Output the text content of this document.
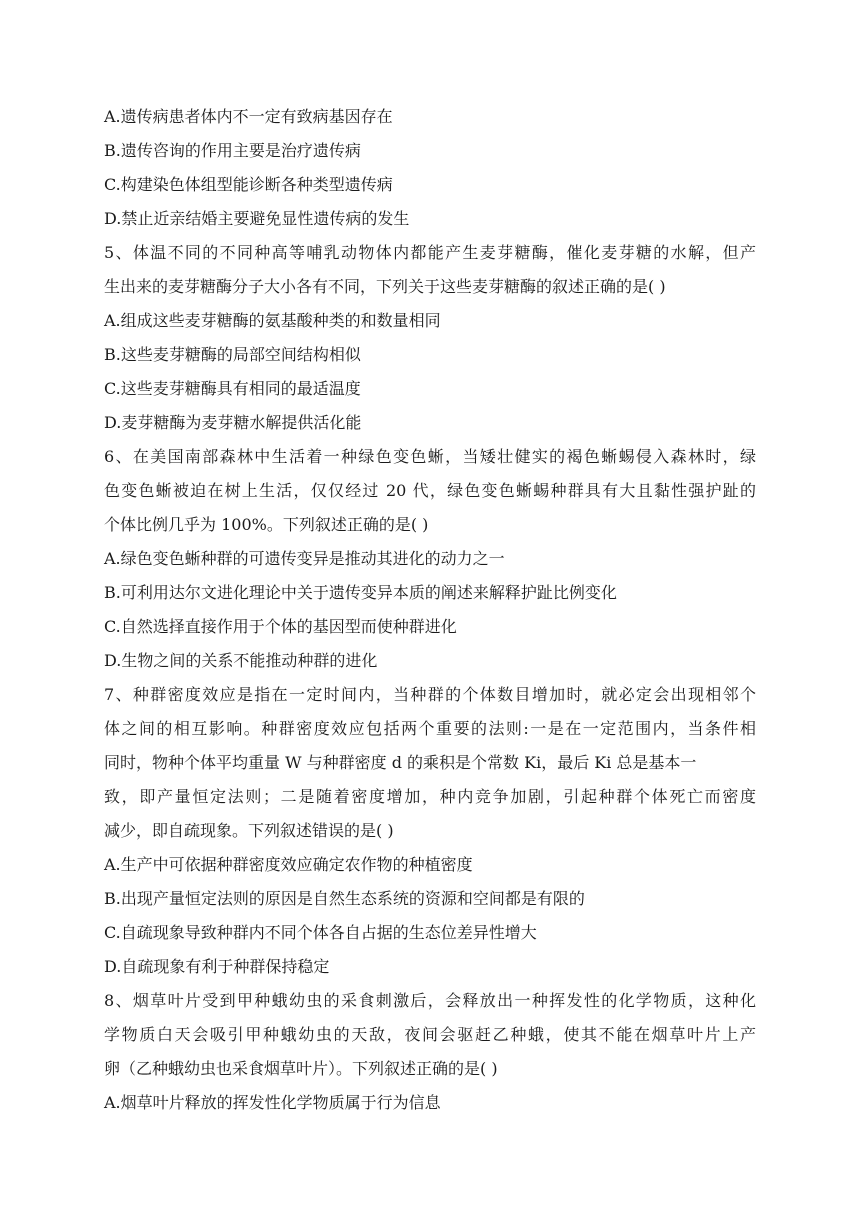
A.遗传病患者体内不一定有致病基因存在

B.遗传咨询的作用主要是治疗遗传病

C.构建染色体组型能诊断各种类型遗传病

D.禁止近亲结婚主要避免显性遗传病的发生

5、体温不同的不同种高等哺乳动物体内都能产生麦芽糖酶，催化麦芽糖的水解，但产

生出来的麦芽糖酶分子大小各有不同，下列关于这些麦芽糖酶的叙述正确的是( )

A.组成这些麦芽糖酶的氨基酸种类的和数量相同

B.这些麦芽糖酶的局部空间结构相似

C.这些麦芽糖酶具有相同的最适温度

D.麦芽糖酶为麦芽糖水解提供活化能

6、在美国南部森林中生活着一种绿色变色蜥，当矮壮健实的褐色蜥蜴侵入森林时，绿

色变色蜥被迫在树上生活，仅仅经过 20 代，绿色变色蜥蜴种群具有大且黏性强护趾的

个体比例几乎为 100%。下列叙述正确的是( )

A.绿色变色蜥种群的可遗传变异是推动其进化的动力之一

B.可利用达尔文进化理论中关于遗传变异本质的阐述来解释护趾比例变化

C.自然选择直接作用于个体的基因型而使种群进化

D.生物之间的关系不能推动种群的进化

7、种群密度效应是指在一定时间内，当种群的个体数目增加时，就必定会出现相邻个

体之间的相互影响。种群密度效应包括两个重要的法则:一是在一定范围内，当条件相

同时，物种个体平均重量 W 与种群密度 d 的乘积是个常数 Ki，最后 Ki 总是基本一

致，即产量恒定法则；二是随着密度增加，种内竞争加剧，引起种群个体死亡而密度

减少，即自疏现象。下列叙述错误的是( )

A.生产中可依据种群密度效应确定农作物的种植密度

B.出现产量恒定法则的原因是自然生态系统的资源和空间都是有限的

C.自疏现象导致种群内不同个体各自占据的生态位差异性增大

D.自疏现象有利于种群保持稳定

8、烟草叶片受到甲种蛾幼虫的采食刺激后，会释放出一种挥发性的化学物质，这种化

学物质白天会吸引甲种蛾幼虫的天敌，夜间会驱赶乙种蛾，使其不能在烟草叶片上产

卵（乙种蛾幼虫也采食烟草叶片）。下列叙述正确的是( )

A.烟草叶片释放的挥发性化学物质属于行为信息
